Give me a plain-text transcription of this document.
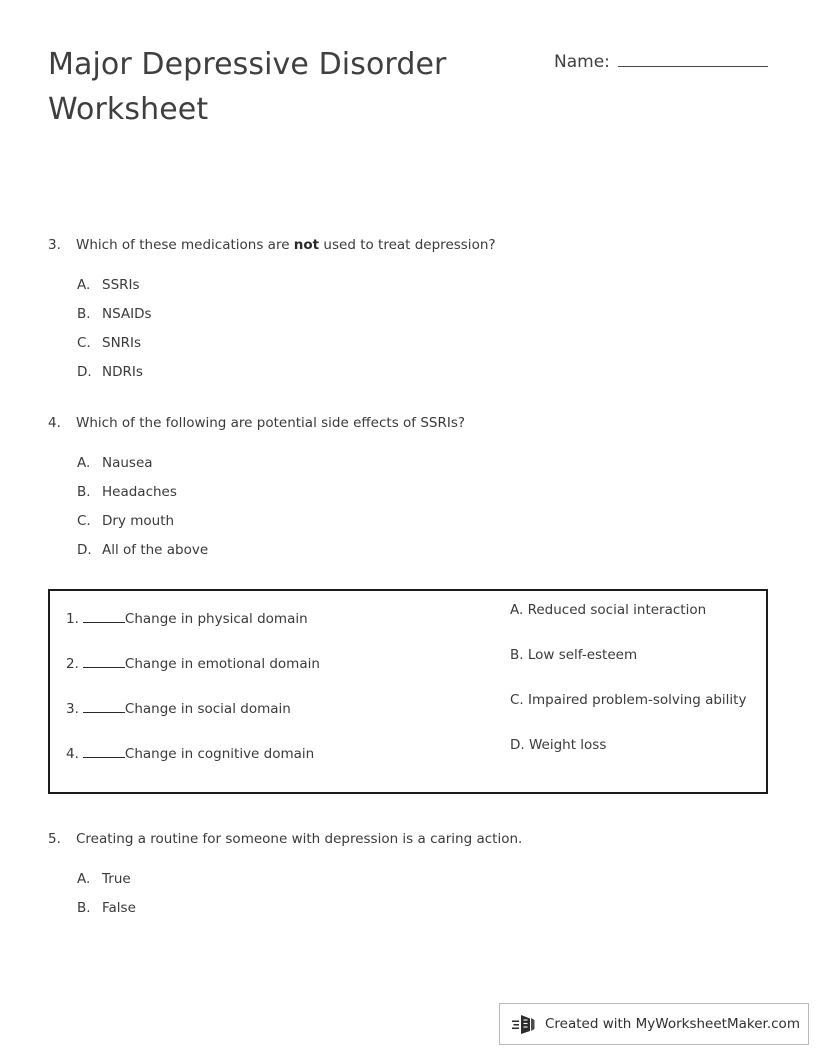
Major Depressive Disorder Worksheet
Name:
3.	Which of these medications are not used to treat depression?
A. SSRIs
B. NSAIDs
C. SNRIs
D. NDRIs
4.	Which of the following are potential side effects of SSRIs?
A. Nausea
B. Headaches
C. Dry mouth
D. All of the above
1.	Change in physical domain
2.	Change in emotional domain
3.	Change in social domain
4.	Change in cognitive domain
A. Reduced social interaction
B. Low self-esteem
C. Impaired problem-solving ability
D. Weight loss
5.	Creating a routine for someone with depression is a caring action.
A. True
B. False
Created with MyWorksheetMaker.com
